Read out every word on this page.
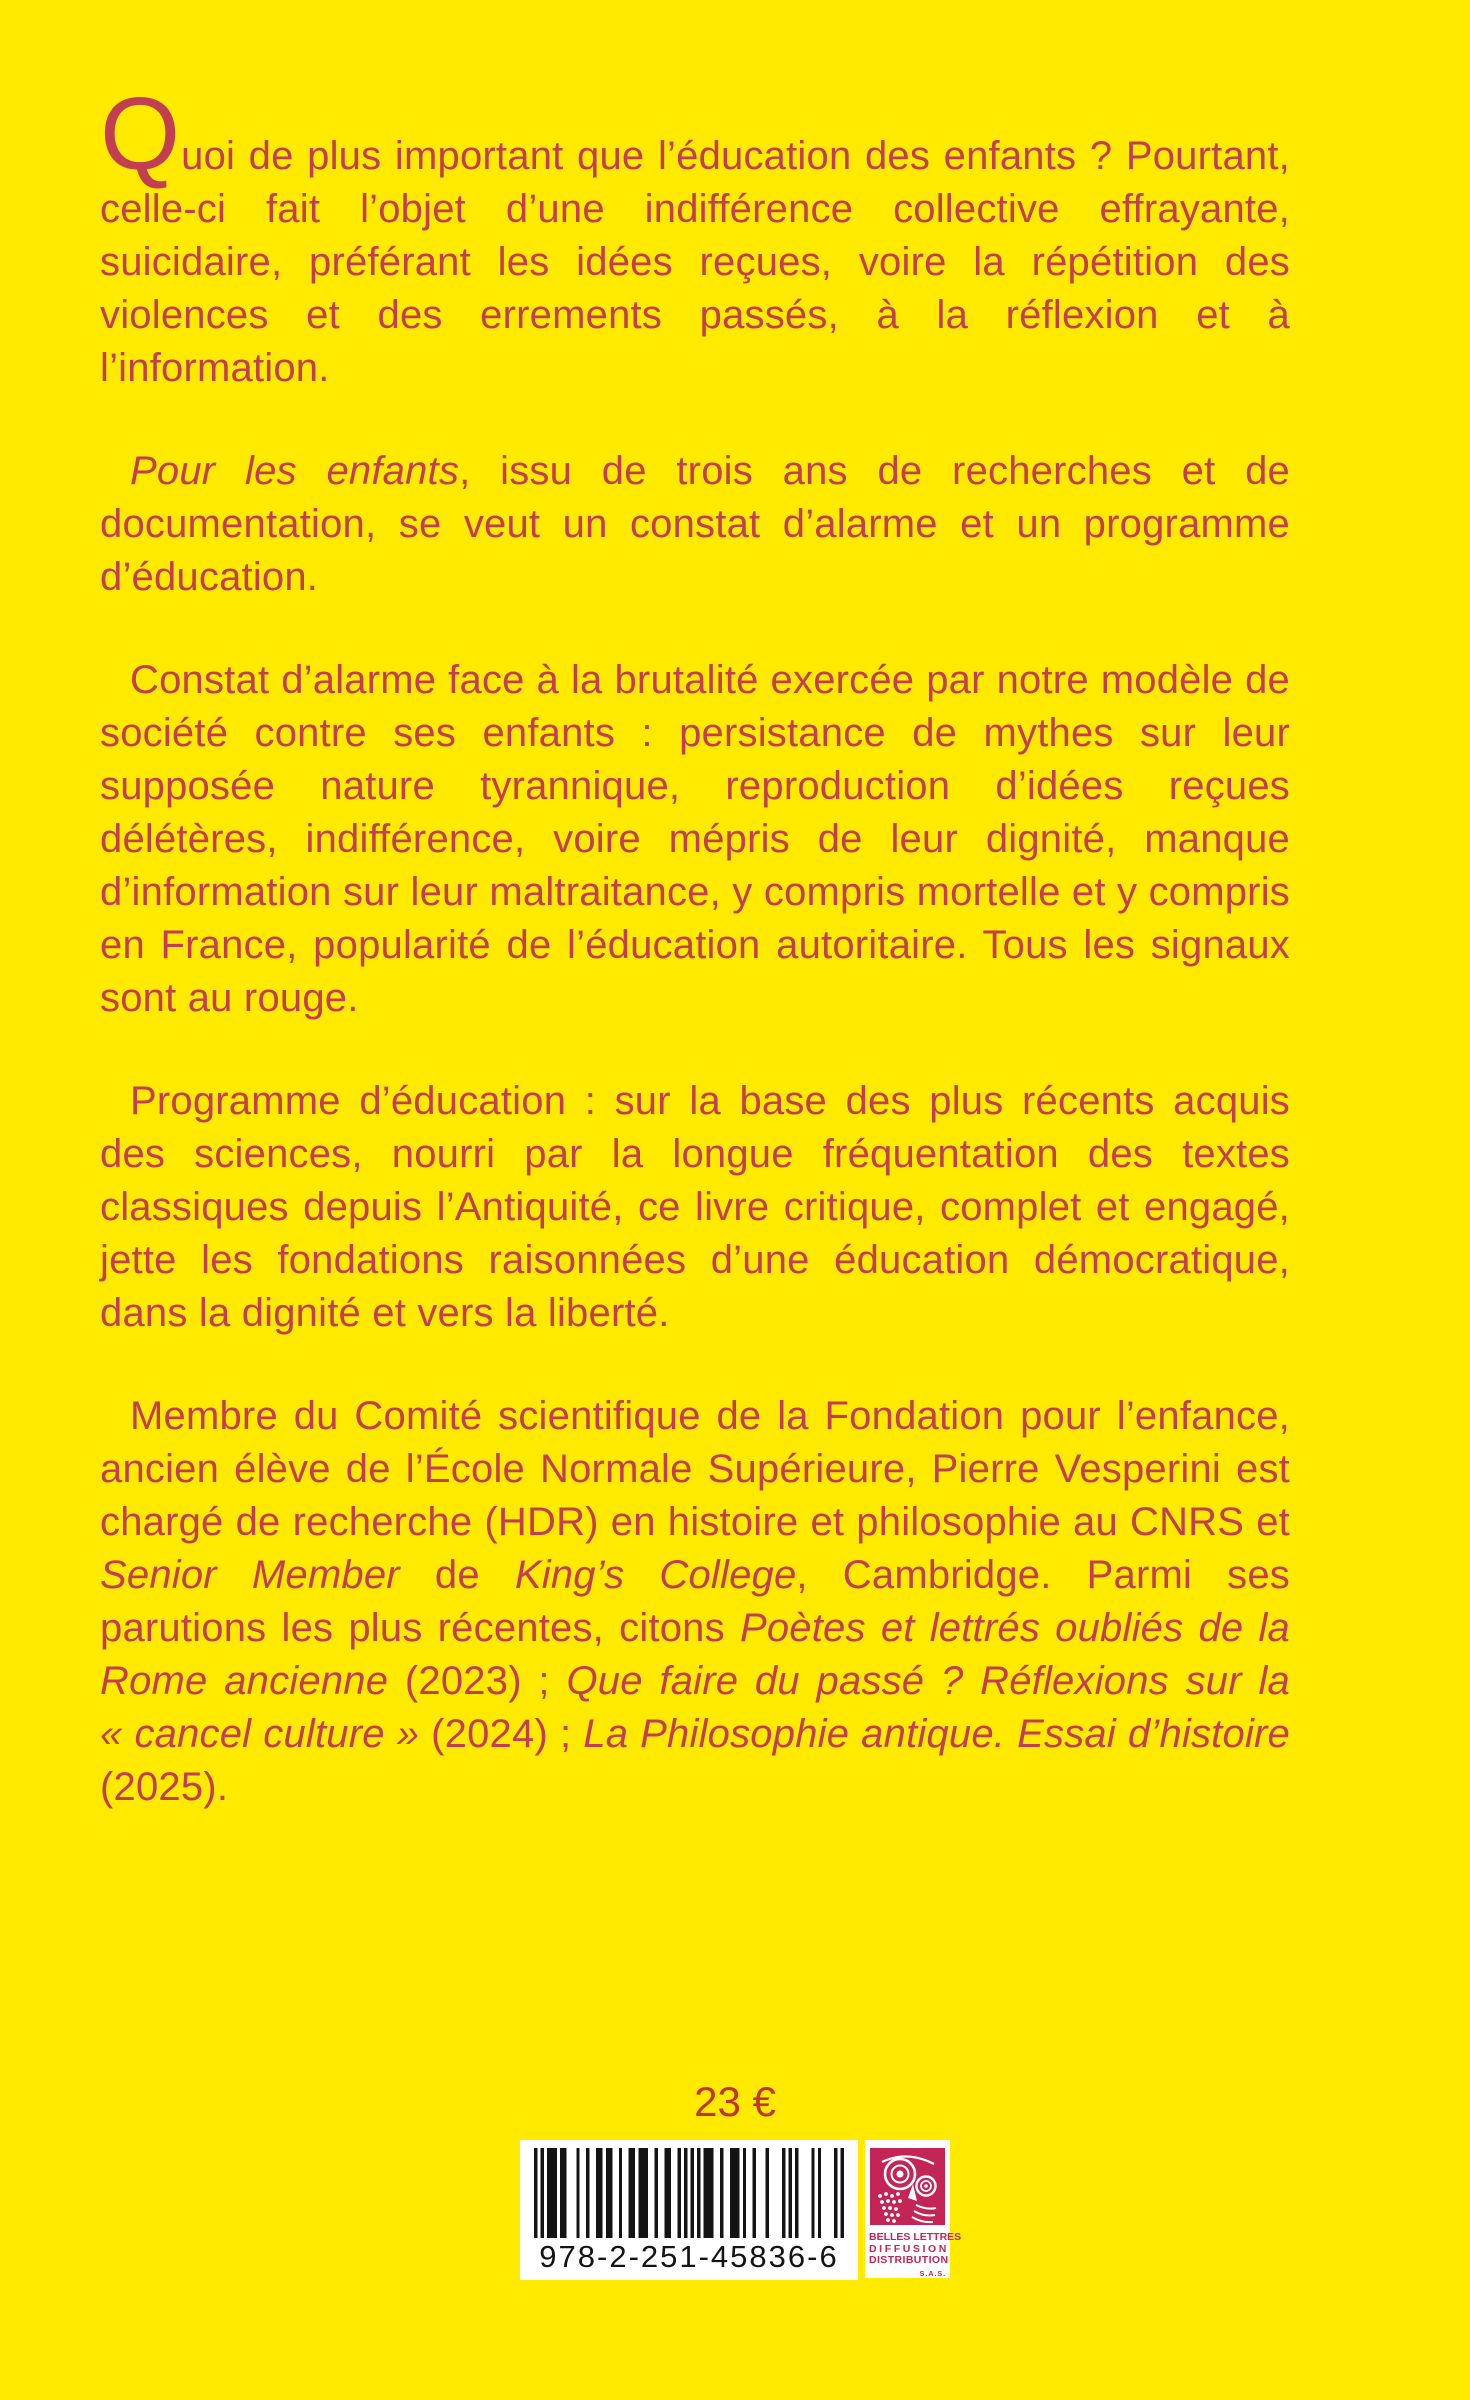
Quoi de plus important que l’éducation des enfants ? Pourtant, celle-ci fait l’objet d’une indifférence collective effrayante, suicidaire, préférant les idées reçues, voire la répétition des violences et des errements passés, à la réflexion et à l’information.

Pour les enfants, issu de trois ans de recherches et de documentation, se veut un constat d’alarme et un programme d’éducation.

Constat d’alarme face à la brutalité exercée par notre modèle de société contre ses enfants : persistance de mythes sur leur supposée nature tyrannique, reproduction d’idées reçues délétères, indifférence, voire mépris de leur dignité, manque d’information sur leur maltraitance, y compris mortelle et y compris en France, popularité de l’éducation autoritaire. Tous les signaux sont au rouge.

Programme d’éducation : sur la base des plus récents acquis des sciences, nourri par la longue fréquentation des textes classiques depuis l’Antiquité, ce livre critique, complet et engagé, jette les fondations raisonnées d’une éducation démocratique, dans la dignité et vers la liberté.

Membre du Comité scientifique de la Fondation pour l’enfance, ancien élève de l’École Normale Supérieure, Pierre Vesperini est chargé de recherche (HDR) en histoire et philosophie au CNRS et Senior Member de King’s College, Cambridge. Parmi ses parutions les plus récentes, citons Poètes et lettrés oubliés de la Rome ancienne (2023) ; Que faire du passé ? Réflexions sur la « cancel culture » (2024) ; La Philosophie antique. Essai d’histoire (2025).

23 €
978-2-251-45836-6
BELLES LETTRES
DIFFUSION
DISTRIBUTION
S.A.S.
